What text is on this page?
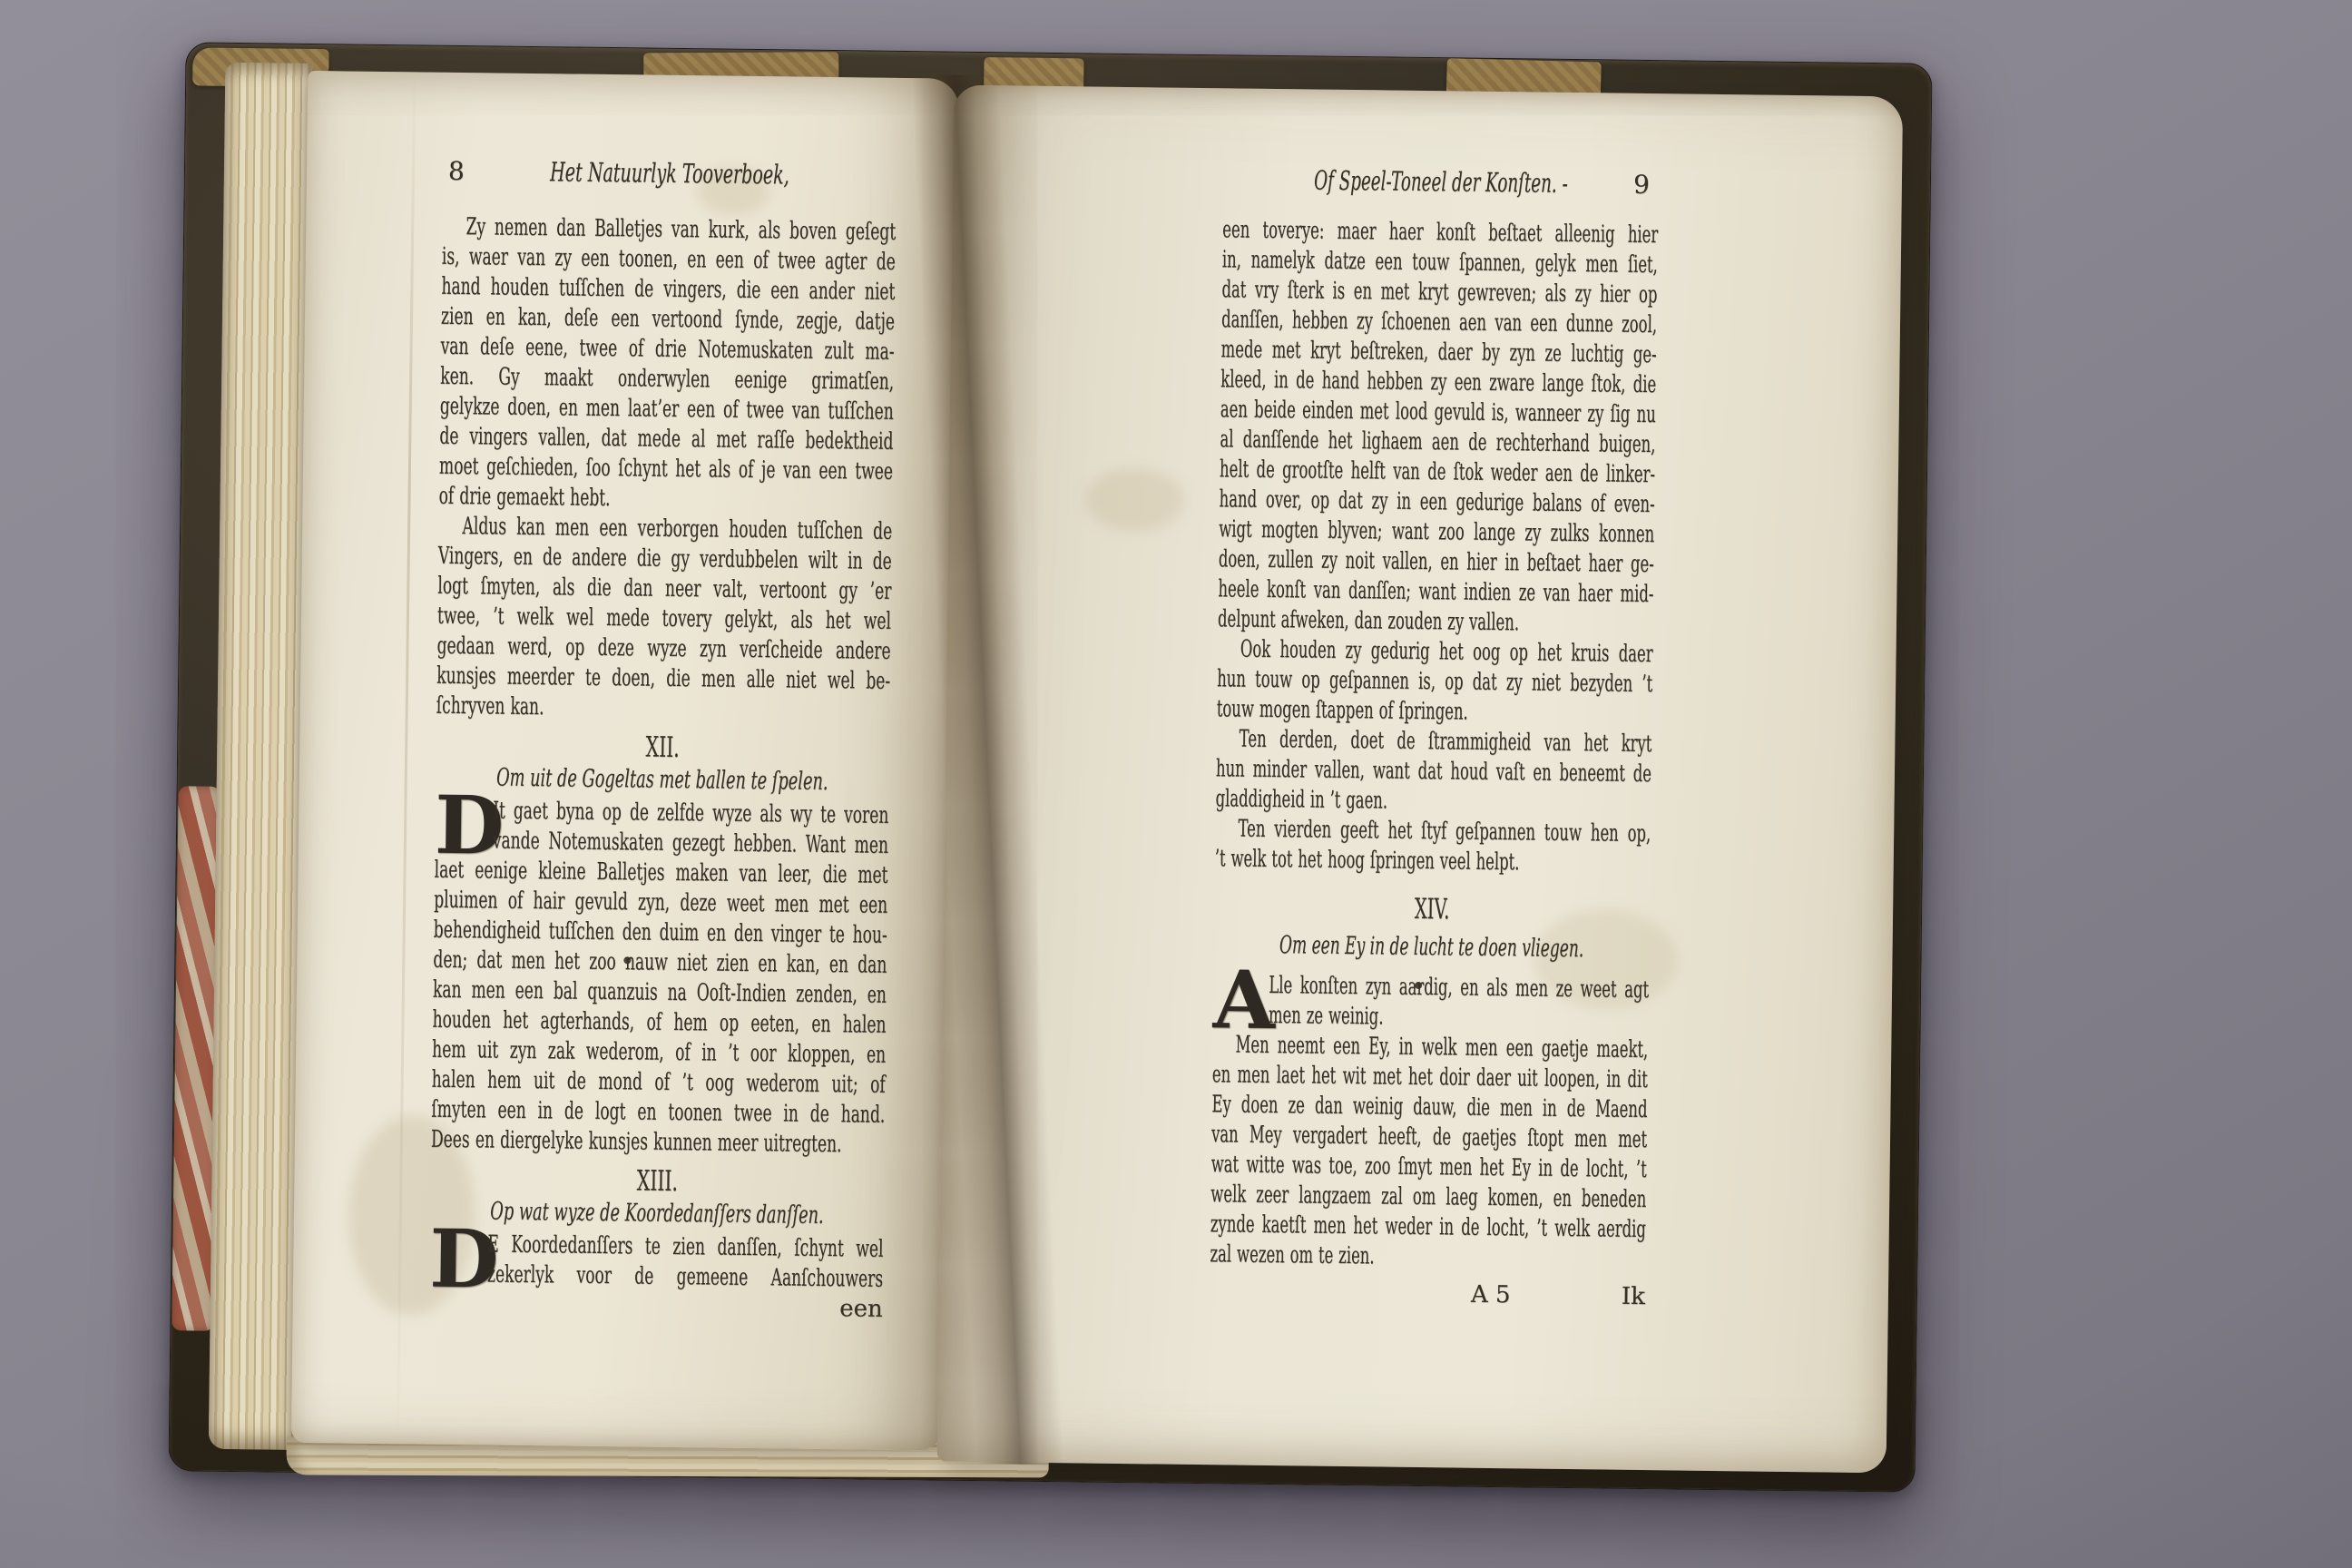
8	Het Natuurlyk Tooverboek,
Zy nemen dan Balletjes van kurk, als boven geſegt
is, waer van zy een toonen, en een of twee agter de
hand houden tuſſchen de vingers, die een ander niet
zien en kan, deſe een vertoond ſynde, zegje, datje
van deſe eene, twee of drie Notemuskaten zult ma-
ken. Gy maakt onderwylen eenige grimatſen,
gelykze doen, en men laat’er een of twee van tuſſchen
de vingers vallen, dat mede al met raſſe bedektheid
moet geſchieden, ſoo ſchynt het als of je van een twee
of drie gemaekt hebt.
Aldus kan men een verborgen houden tuſſchen de
Vingers, en de andere die gy verdubbelen wilt in de
logt ſmyten, als die dan neer valt, vertoont gy ’er
twee, ’t welk wel mede tovery gelykt, als het wel
gedaan werd, op deze wyze zyn verſcheide andere
kunsjes meerder te doen, die men alle niet wel be-
ſchryven kan.
XII.
Om uit de Gogeltas met ballen te ſpelen.
D
It gaet byna op de zelfde wyze als wy te voren
vande Notemuskaten gezegt hebben. Want men
laet eenige kleine Balletjes maken van leer, die met
pluimen of hair gevuld zyn, deze weet men met een
behendigheid tuſſchen den duim en den vinger te hou-
den; dat men het zoo nauw niet zien en kan, en dan
kan men een bal quanzuis na Ooſt-Indien zenden, en
houden het agterhands, of hem op eeten, en halen
hem uit zyn zak wederom, of in ’t oor kloppen, en
halen hem uit de mond of ’t oog wederom uit; of
ſmyten een in de logt en toonen twee in de hand.
Dees en diergelyke kunsjes kunnen meer uitregten.
XIII.
Op wat wyze de Koordedanſſers danſſen.
D
E Koordedanſſers te zien danſſen, ſchynt wel
zekerlyk voor de gemeene Aanſchouwers
een
Of Speel-Toneel der Konſten. -	9
een toverye: maer haer konſt beſtaet alleenig hier
in, namelyk datze een touw ſpannen, gelyk men ſiet,
dat vry ſterk is en met kryt gewreven; als zy hier op
danſſen, hebben zy ſchoenen aen van een dunne zool,
mede met kryt beſtreken, daer by zyn ze luchtig ge-
kleed, in de hand hebben zy een zware lange ſtok, die
aen beide einden met lood gevuld is, wanneer zy ſig nu
al danſſende het lighaem aen de rechterhand buigen,
helt de grootſte helft van de ſtok weder aen de linker-
hand over, op dat zy in een gedurige balans of even-
wigt mogten blyven; want zoo lange zy zulks konnen
doen, zullen zy noit vallen, en hier in beſtaet haer ge-
heele konſt van danſſen; want indien ze van haer mid-
delpunt afweken, dan zouden zy vallen.
Ook houden zy gedurig het oog op het kruis daer
hun touw op geſpannen is, op dat zy niet bezyden ’t
touw mogen ſtappen of ſpringen.
Ten derden, doet de ſtrammigheid van het kryt
hun minder vallen, want dat houd vaſt en beneemt de
gladdigheid in ’t gaen.
Ten vierden geeft het ſtyf geſpannen touw hen op,
’t welk tot het hoog ſpringen veel helpt.
XIV.
Om een Ey in de lucht te doen vliegen.
A
Lle konſten zyn aardig, en als men ze weet agt
men ze weinig.
Men neemt een Ey, in welk men een gaetje maekt,
en men laet het wit met het doir daer uit loopen, in dit
Ey doen ze dan weinig dauw, die men in de Maend
van Mey vergadert heeft, de gaetjes ſtopt men met
wat witte was toe, zoo ſmyt men het Ey in de locht, ’t
welk zeer langzaem zal om laeg komen, en beneden
zynde kaetſt men het weder in de locht, ’t welk aerdig
zal wezen om te zien.
A 5	Ik
